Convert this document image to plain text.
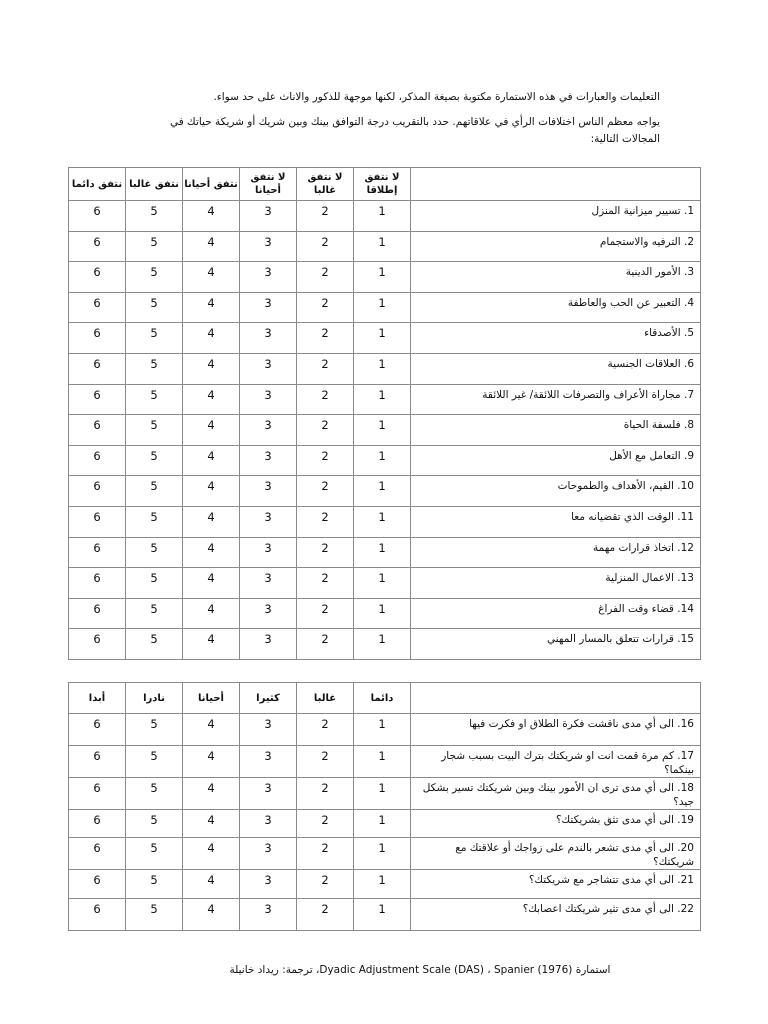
التعليمات والعبارات في هذه الاستمارة مكتوبة بصيغة المذكر، لكنها موجهة للذكور والاناث على حد سواء.
يواجه معظم الناس اختلافات الرأي في علاقاتهم. حدد بالتقريب درجة التوافق بينك وبين شريك أو شريكة حياتك في المجالات التالية:
نتفق دائما	نتفق غالبا	نتفق أحيانا	لا نتفق أحيانا	لا نتفق غالبا	لا نتفق إطلاقا	
6	5	4	3	2	1	1. تسيير ميزانية المنزل
6	5	4	3	2	1	2. الترفيه والاستجمام
6	5	4	3	2	1	3. الأمور الدينية
6	5	4	3	2	1	4. التعبير عن الحب والعاطفة
6	5	4	3	2	1	5. الأصدقاء
6	5	4	3	2	1	6. العلاقات الجنسية
6	5	4	3	2	1	7. مجاراة الأعراف والتصرفات اللائقة/ غير اللائقة
6	5	4	3	2	1	8. فلسفة الحياة
6	5	4	3	2	1	9. التعامل مع الأهل
6	5	4	3	2	1	10. القيم، الأهداف والطموحات
6	5	4	3	2	1	11. الوقت الذي تقضيانه معا
6	5	4	3	2	1	12. اتخاذ قرارات مهمة
6	5	4	3	2	1	13. الاعمال المنزلية
6	5	4	3	2	1	14. قضاء وقت الفراغ
6	5	4	3	2	1	15. قرارات تتعلق بالمسار المهني
أبدا	نادرا	أحيانا	كثيرا	غالبا	دائما	
6	5	4	3	2	1	16. الى أي مدى ناقشت فكرة الطلاق او فكرت فيها
6	5	4	3	2	1	17. كم مرة قمت انت او شريكتك بترك البيت بسبب شجار بينكما؟
6	5	4	3	2	1	18. الى أي مدى ترى ان الأمور بينك وبين شريكتك تسير بشكل جيد؟
6	5	4	3	2	1	19. الى أي مدى تثق بشريكتك؟
6	5	4	3	2	1	20. الى أي مدى تشعر بالندم على زواجك أو علاقتك مع شريكتك؟
6	5	4	3	2	1	21. الى أي مدى تتشاجر مع شريكتك؟
6	5	4	3	2	1	22. الى أي مدى تثير شريكتك اعصابك؟
استمارة Dyadic Adjustment Scale (DAS) ، Spanier (1976)، ترجمة: ريداد خانيلة
